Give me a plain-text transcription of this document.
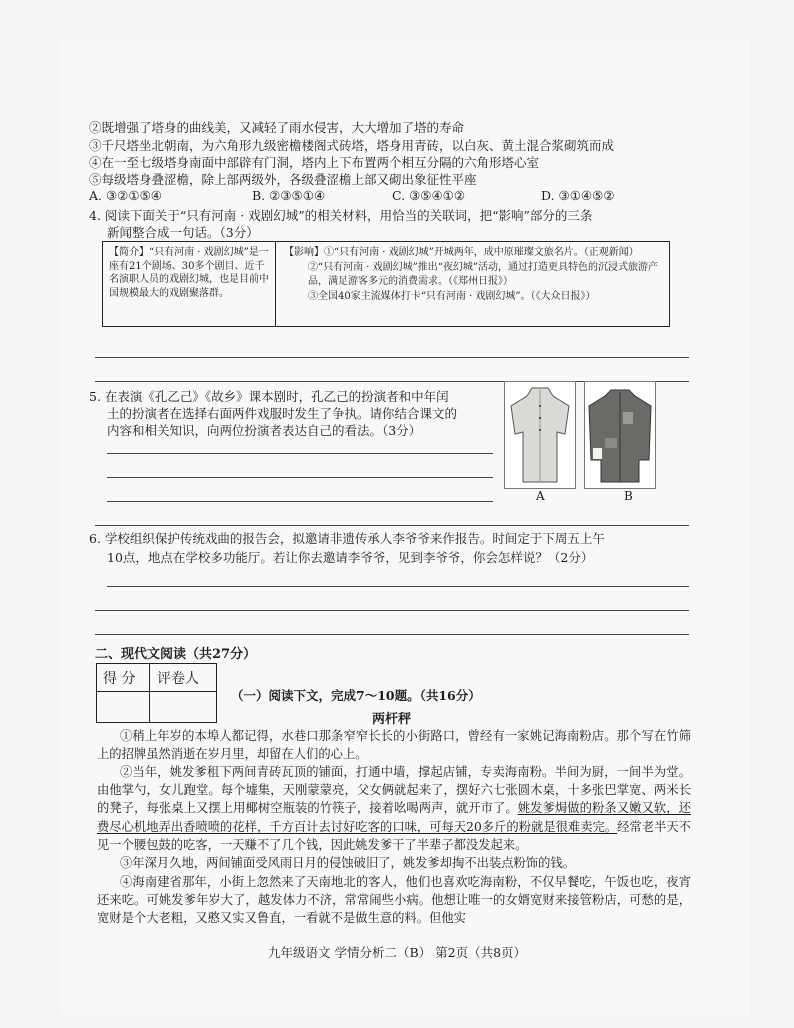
②既增强了塔身的曲线美，又减轻了雨水侵害，大大增加了塔的寿命
③千尺塔坐北朝南，为六角形九级密檐楼阁式砖塔，塔身用青砖，以白灰、黄土混合浆砌筑而成
④在一至七级塔身南面中部辟有门洞，塔内上下布置两个相互分隔的六角形塔心室
⑤每级塔身叠涩檐，除上部两级外，各级叠涩檐上部又砌出象征性平座
A. ③②①⑤④	B. ②③⑤①④	C. ③⑤④①②	D. ③①④⑤②
4. 阅读下面关于“只有河南 · 戏剧幻城”的相关材料，用恰当的关联词，把“影响”部分的三条
新闻整合成一句话。（3分）
【简介】“只有河南 · 戏剧幻城”是一座有21个剧场、30多个剧目、近千名演职人员的戏剧幻城，也是目前中国规模最大的戏剧聚落群。
【影响】①“只有河南 · 戏剧幻城”开城两年，成中原璀璨文旅名片。（正观新闻）
②“只有河南 · 戏剧幻城”推出“夜幻城”活动，通过打造更具特色的沉浸式旅游产品，满足游客多元的消费需求。（《郑州日报》）
③全国40家主流媒体打卡“只有河南 · 戏剧幻城”。（《大众日报》）
5. 在表演《孔乙己》《故乡》课本剧时，孔乙己的扮演者和中年闰
土的扮演者在选择右面两件戏服时发生了争执。请你结合课文的
内容和相关知识，向两位扮演者表达自己的看法。（3分）
A	B
6. 学校组织保护传统戏曲的报告会，拟邀请非遗传承人李爷爷来作报告。时间定于下周五上午
10点，地点在学校多功能厅。若让你去邀请李爷爷，见到李爷爷，你会怎样说？（2分）
二、现代文阅读（共27分）
得 分 评卷人
（一）阅读下文，完成7～10题。（共16分）
两杆秤
①稍上年岁的本埠人都记得，水巷口那条窄窄长长的小街路口，曾经有一家姚记海南粉店。那个写在竹筛上的招牌虽然消逝在岁月里，却留在人们的心上。
②当年，姚发爹租下两间青砖瓦顶的铺面，打通中墙，撑起店铺，专卖海南粉。半间为厨，一间半为堂。由他掌勺，女儿跑堂。每个墟集，天刚蒙蒙亮，父女俩就起来了，摆好六七张圆木桌，十多张巴掌宽、两米长的凳子，每张桌上又摆上用椰树空瓶装的竹筷子，接着吆喝两声，就开市了。姚发爹焗做的粉条又嫩又软，还费尽心机地弄出香喷喷的花样，千方百计去讨好吃客的口味，可每天20多斤的粉就是很难卖完。经常老半天不见一个腰包鼓的吃客，一天赚不了几个钱，因此姚发爹干了半辈子都没发起来。
③年深月久地，两间铺面受风雨日月的侵蚀破旧了，姚发爹却掏不出装点粉饰的钱。
④海南建省那年，小街上忽然来了天南地北的客人，他们也喜欢吃海南粉，不仅早餐吃，午饭也吃，夜宵还来吃。可姚发爹年岁大了，越发体力不济，常常闹些小病。他想让唯一的女婿宽财来接管粉店，可愁的是，宽财是个大老粗，又憨又实又鲁直，一看就不是做生意的料。但他实
九年级语文 学情分析二（B） 第2页（共8页）
